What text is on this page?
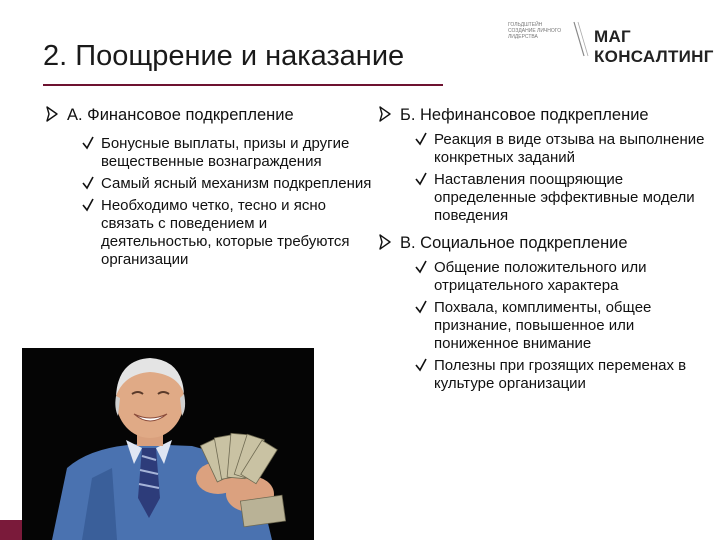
2. Поощрение и наказание
ГОЛЬДШТЕЙН СОЗДАНИЕ ЛИЧНОГО ЛИДЕРСТВА	МАГ КОНСАЛТИНГ
А. Финансовое подкрепление
Бонусные выплаты, призы и другие вещественные вознаграждения
Самый ясный механизм подкрепления
Необходимо четко, тесно и ясно связать с поведением и деятельностью, которые требуются организации
Б. Нефинансовое подкрепление
Реакция в виде отзыва на выполнение конкретных заданий
Наставления поощряющие определенные эффективные модели поведения
В. Социальное подкрепление
Общение положительного или отрицательного характера
Похвала, комплименты, общее признание, повышенное или пониженное внимание
Полезны при грозящих переменах в культуре организации
